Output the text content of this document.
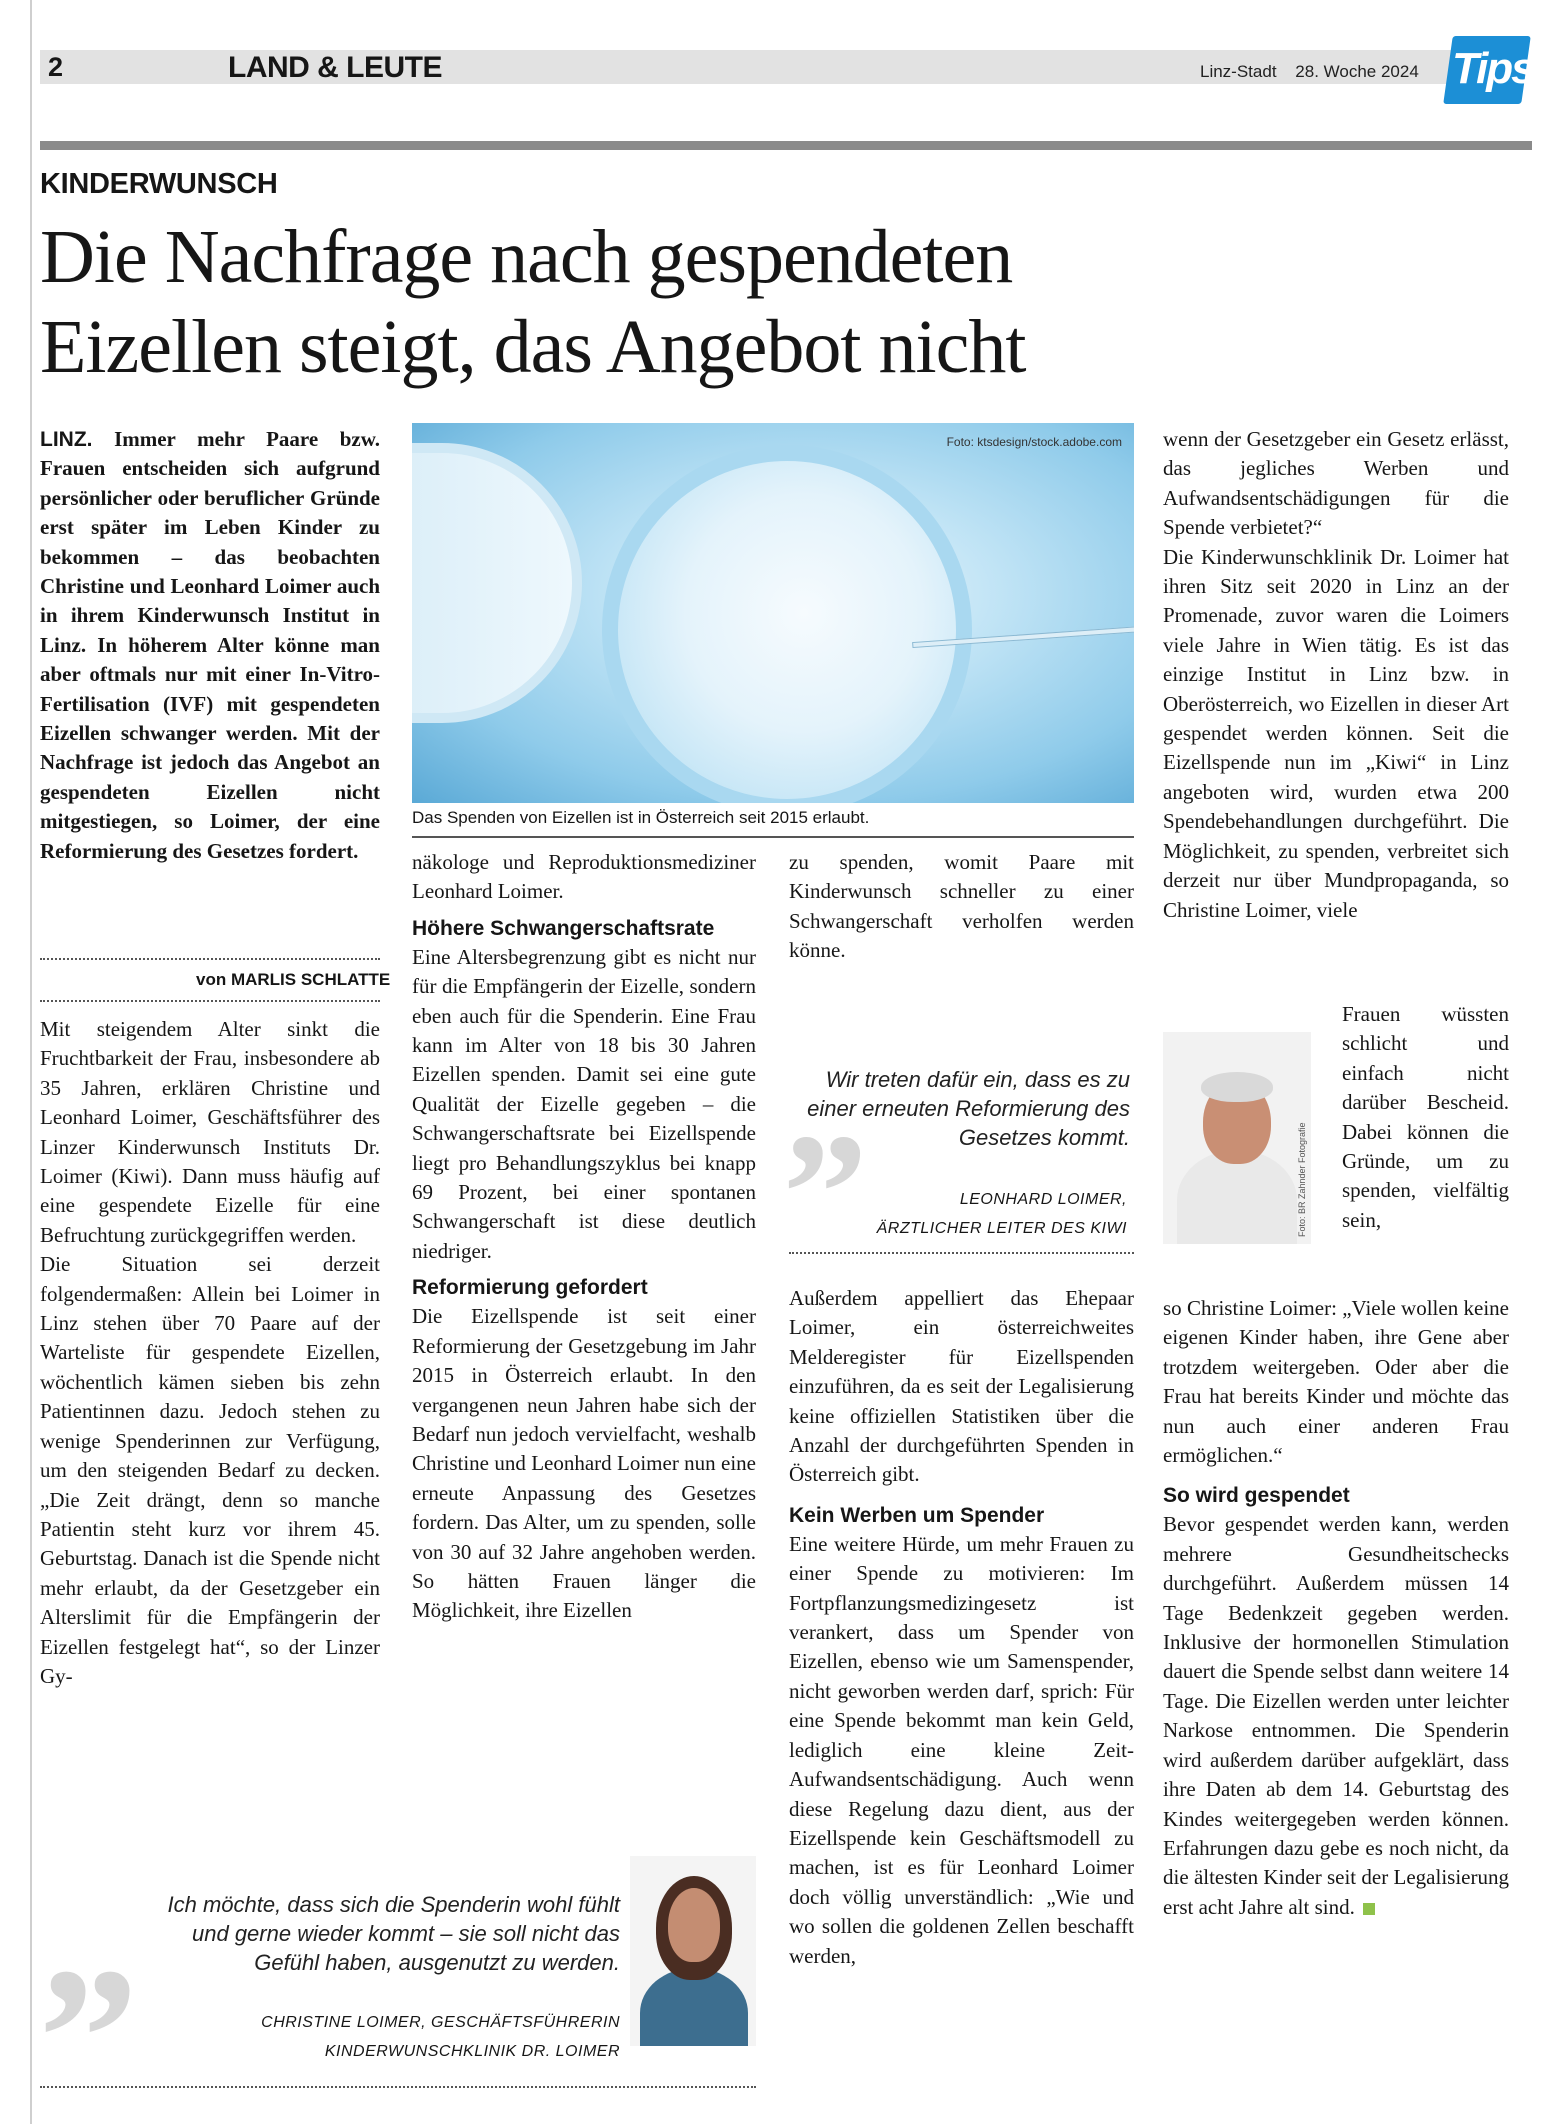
2	LAND & LEUTE	Linz-Stadt 28. Woche 2024 Tips
KINDERWUNSCH
Die Nachfrage nach gespendeten
Eizellen steigt, das Angebot nicht
LINZ. Immer mehr Paare bzw. Frauen entscheiden sich aufgrund persönlicher oder beruflicher Gründe erst später im Leben Kinder zu bekommen – das beobachten Christine und Leonhard Loimer auch in ihrem Kinderwunsch Institut in Linz. In höherem Alter könne man aber oftmals nur mit einer In-Vitro-Fertilisation (IVF) mit gespendeten Eizellen schwanger werden. Mit der Nachfrage ist jedoch das Angebot an gespendeten Eizellen nicht mitgestiegen, so Loimer, der eine Reformierung des Gesetzes fordert.
von MARLIS SCHLATTE

Mit steigendem Alter sinkt die Fruchtbarkeit der Frau, insbesondere ab 35 Jahren, erklären Christine und Leonhard Loimer, Geschäftsführer des Linzer Kinderwunsch Instituts Dr. Loimer (Kiwi). Dann muss häufig auf eine gespendete Eizelle für eine Befruchtung zurückgegriffen werden.

Die Situation sei derzeit folgendermaßen: Allein bei Loimer in Linz stehen über 70 Paare auf der Warteliste für gespendete Eizellen, wöchentlich kämen sieben bis zehn Patientinnen dazu. Jedoch stehen zu wenige Spenderinnen zur Verfügung, um den steigenden Bedarf zu decken. „Die Zeit drängt, denn so manche Patientin steht kurz vor ihrem 45. Geburtstag. Danach ist die Spende nicht mehr erlaubt, da der Gesetzgeber ein Alterslimit für die Empfängerin der Eizellen festgelegt hat“, so der Linzer Gy-

Foto: ktsdesign/stock.adobe.com
Das Spenden von Eizellen ist in Österreich seit 2015 erlaubt.

näkologe und Reproduktionsmediziner Leonhard Loimer.

Höhere Schwangerschaftsrate

Eine Altersbegrenzung gibt es nicht nur für die Empfängerin der Eizelle, sondern eben auch für die Spenderin. Eine Frau kann im Alter von 18 bis 30 Jahren Eizellen spenden. Damit sei eine gute Qualität der Eizelle gegeben – die Schwangerschaftsrate bei Eizellspende liegt pro Behandlungszyklus bei knapp 69 Prozent, bei einer spontanen Schwangerschaft ist diese deutlich niedriger.

Reformierung gefordert

Die Eizellspende ist seit einer Reformierung der Gesetzgebung im Jahr 2015 in Österreich erlaubt. In den vergangenen neun Jahren habe sich der Bedarf nun jedoch vervielfacht, weshalb Christine und Leonhard Loimer nun eine erneute Anpassung des Gesetzes fordern. Das Alter, um zu spenden, solle von 30 auf 32 Jahre angehoben werden. So hätten Frauen länger die Möglichkeit, ihre Eizellen

zu spenden, womit Paare mit Kinderwunsch schneller zu einer Schwangerschaft verholfen werden könne.

„
Wir treten dafür ein, dass es zu einer erneuten Reformierung des Gesetzes kommt.
LEONHARD LOIMER,
ÄRZTLICHER LEITER DES KIWI

Außerdem appelliert das Ehepaar Loimer, ein österreichweites Melderegister für Eizellspenden einzuführen, da es seit der Legalisierung keine offiziellen Statistiken über die Anzahl der durchgeführten Spenden in Österreich gibt.

Kein Werben um Spender

Eine weitere Hürde, um mehr Frauen zu einer Spende zu motivieren: Im Fortpflanzungsmedizingesetz ist verankert, dass um Spender von Eizellen, ebenso wie um Samenspender, nicht geworben werden darf, sprich: Für eine Spende bekommt man kein Geld, lediglich eine kleine Zeit-Aufwandsentschädigung. Auch wenn diese Regelung dazu dient, aus der Eizellspende kein Geschäftsmodell zu machen, ist es für Leonhard Loimer doch völlig unverständlich: „Wie und wo sollen die goldenen Zellen beschafft werden,

wenn der Gesetzgeber ein Gesetz erlässt, das jegliches Werben und Aufwandsentschädigungen für die Spende verbietet?“

Die Kinderwunschklinik Dr. Loimer hat ihren Sitz seit 2020 in Linz an der Promenade, zuvor waren die Loimers viele Jahre in Wien tätig. Es ist das einzige Institut in Linz bzw. in Oberösterreich, wo Eizellen in dieser Art gespendet werden können. Seit die Eizellspende nun im „Kiwi“ in Linz angeboten wird, wurden etwa 200 Spendebehandlungen durchgeführt. Die Möglichkeit, zu spenden, verbreitet sich derzeit nur über Mundpropaganda, so Christine Loimer, viele

Foto: BR Zahnder Fotografie
Frauen wüssten schlicht und einfach nicht darüber Bescheid. Dabei können die Gründe, um zu spenden, vielfältig sein,

so Christine Loimer: „Viele wollen keine eigenen Kinder haben, ihre Gene aber trotzdem weitergeben. Oder aber die Frau hat bereits Kinder und möchte das nun auch einer anderen Frau ermöglichen.“

So wird gespendet

Bevor gespendet werden kann, werden mehrere Gesundheitschecks durchgeführt. Außerdem müssen 14 Tage Bedenkzeit gegeben werden. Inklusive der hormonellen Stimulation dauert die Spende selbst dann weitere 14 Tage. Die Eizellen werden unter leichter Narkose entnommen. Die Spenderin wird außerdem darüber aufgeklärt, dass ihre Daten ab dem 14. Geburtstag des Kindes weitergegeben werden können. Erfahrungen dazu gebe es noch nicht, da die ältesten Kinder seit der Legalisierung erst acht Jahre alt sind.

„	Ich möchte, dass sich die Spenderin wohl fühlt und gerne wieder kommt – sie soll nicht das Gefühl haben, ausgenutzt zu werden.
CHRISTINE LOIMER, GESCHÄFTSFÜHRERIN
KINDERWUNSCHKLINIK DR. LOIMER
